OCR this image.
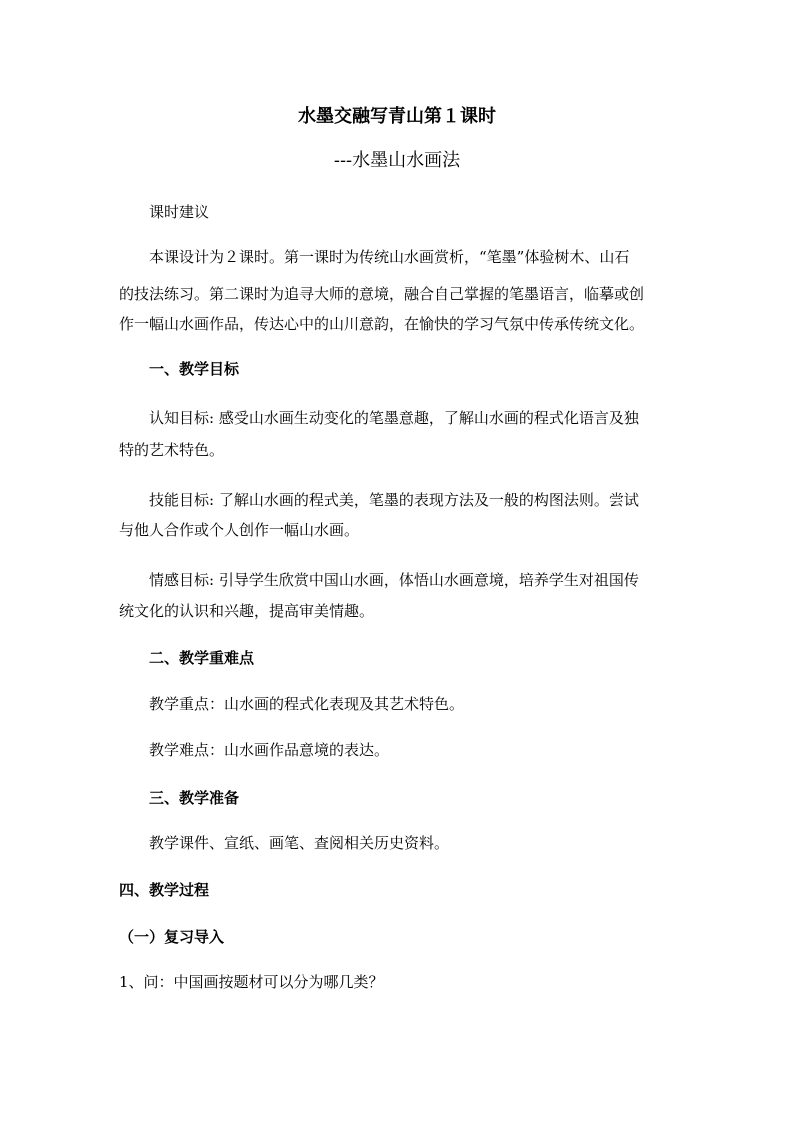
水墨交融写青山第１课时
---水墨山水画法
课时建议
本课设计为２课时。第一课时为传统山水画赏析，“笔墨”体验树木、山石
的技法练习。第二课时为追寻大师的意境，融合自己掌握的笔墨语言，临摹或创
作一幅山水画作品，传达心中的山川意韵，在愉快的学习气氛中传承传统文化。
一、教学目标
认知目标: 感受山水画生动变化的笔墨意趣，了解山水画的程式化语言及独
特的艺术特色。
技能目标: 了解山水画的程式美，笔墨的表现方法及一般的构图法则。尝试
与他人合作或个人创作一幅山水画。
情感目标: 引导学生欣赏中国山水画，体悟山水画意境，培养学生对祖国传
统文化的认识和兴趣，提高审美情趣。
二、教学重难点
教学重点：山水画的程式化表现及其艺术特色。
教学难点：山水画作品意境的表达。
三、教学准备
教学课件、宣纸、画笔、查阅相关历史资料。
四、教学过程
（一）复习导入
1、问：中国画按题材可以分为哪几类？
